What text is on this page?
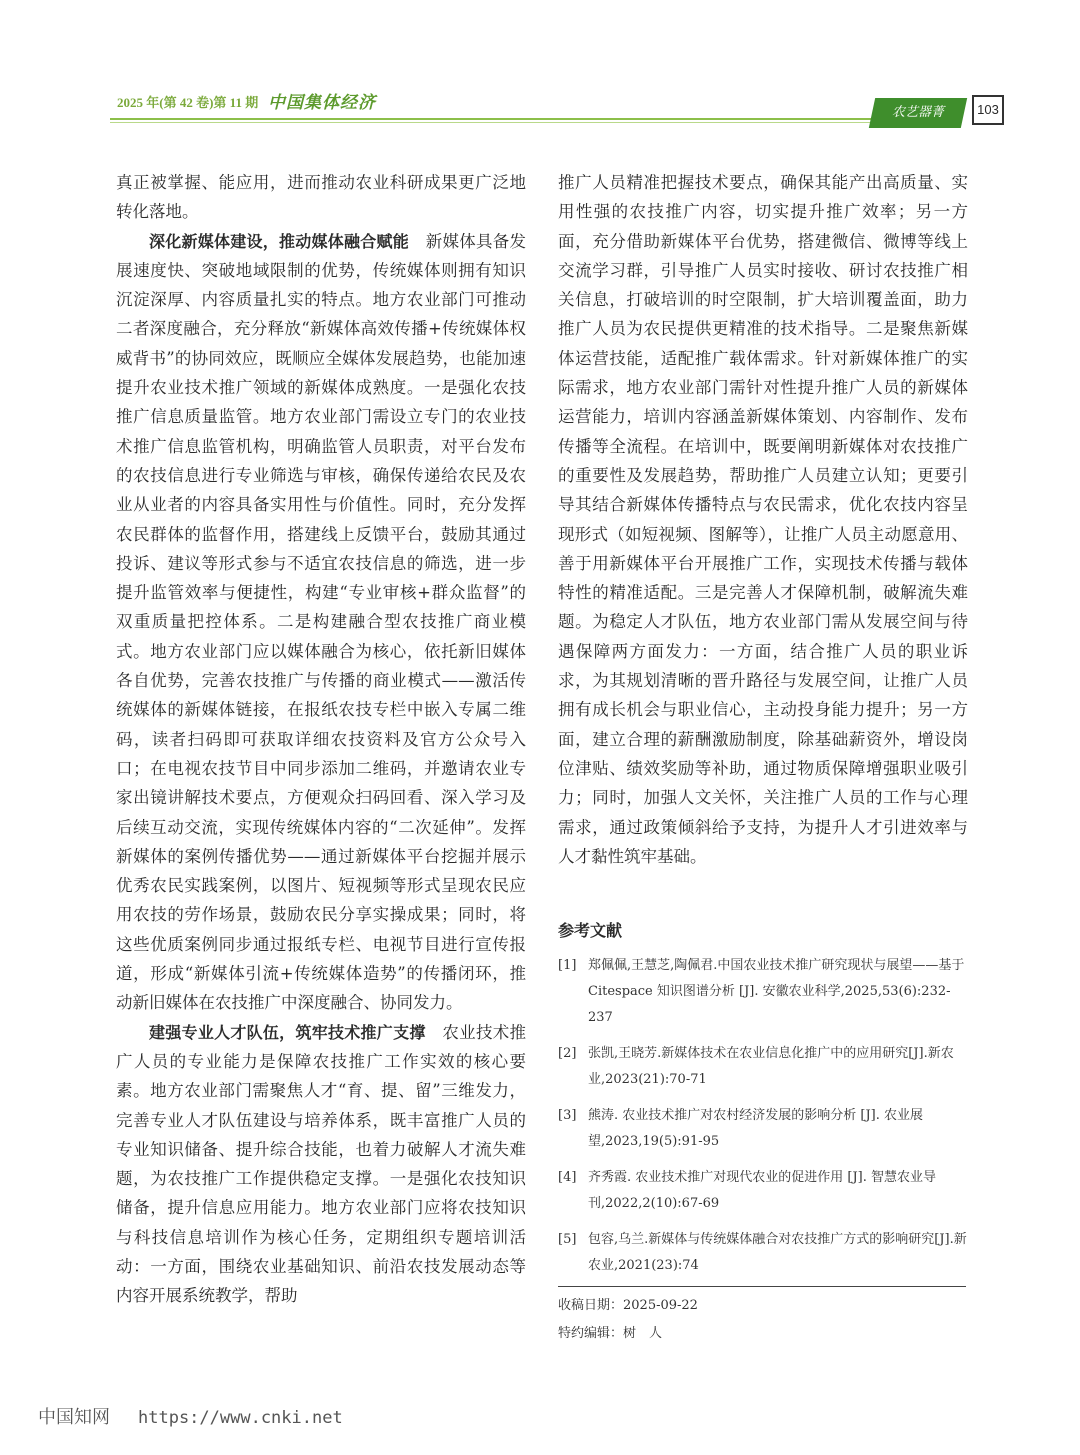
2025 年(第 42 卷)第 11 期 中国集体经济	农艺器菁	103

真正被掌握、能应用，进而推动农业科研成果更广泛地转化落地。

深化新媒体建设，推动媒体融合赋能　 新媒体具备发展速度快、突破地域限制的优势，传统媒体则拥有知识沉淀深厚、内容质量扎实的特点。地方农业部门可推动二者深度融合，充分释放“新媒体高效传播+传统媒体权威背书”的协同效应，既顺应全媒体发展趋势，也能加速提升农业技术推广领域的新媒体成熟度。一是强化农技推广信息质量监管。地方农业部门需设立专门的农业技术推广信息监管机构，明确监管人员职责，对平台发布的农技信息进行专业筛选与审核，确保传递给农民及农业从业者的内容具备实用性与价值性。同时，充分发挥农民群体的监督作用，搭建线上反馈平台，鼓励其通过投诉、建议等形式参与不适宜农技信息的筛选，进一步提升监管效率与便捷性，构建“专业审核+群众监督”的双重质量把控体系。二是构建融合型农技推广商业模式。地方农业部门应以媒体融合为核心，依托新旧媒体各自优势，完善农技推广与传播的商业模式——激活传统媒体的新媒体链接，在报纸农技专栏中嵌入专属二维码，读者扫码即可获取详细农技资料及官方公众号入口；在电视农技节目中同步添加二维码，并邀请农业专家出镜讲解技术要点，方便观众扫码回看、深入学习及后续互动交流，实现传统媒体内容的“二次延伸”。发挥新媒体的案例传播优势——通过新媒体平台挖掘并展示优秀农民实践案例，以图片、短视频等形式呈现农民应用农技的劳作场景，鼓励农民分享实操成果；同时，将这些优质案例同步通过报纸专栏、电视节目进行宣传报道，形成“新媒体引流+传统媒体造势”的传播闭环，推动新旧媒体在农技推广中深度融合、协同发力。

建强专业人才队伍，筑牢技术推广支撑　 农业技术推广人员的专业能力是保障农技推广工作实效的核心要素。地方农业部门需聚焦人才“育、提、留”三维发力，完善专业人才队伍建设与培养体系，既丰富推广人员的专业知识储备、提升综合技能，也着力破解人才流失难题，为农技推广工作提供稳定支撑。一是强化农技知识储备，提升信息应用能力。地方农业部门应将农技知识与科技信息培训作为核心任务，定期组织专题培训活动：一方面，围绕农业基础知识、前沿农技发展动态等内容开展系统教学，帮助

推广人员精准把握技术要点，确保其能产出高质量、实用性强的农技推广内容，切实提升推广效率；另一方面，充分借助新媒体平台优势，搭建微信、微博等线上交流学习群，引导推广人员实时接收、研讨农技推广相关信息，打破培训的时空限制，扩大培训覆盖面，助力推广人员为农民提供更精准的技术指导。二是聚焦新媒体运营技能，适配推广载体需求。针对新媒体推广的实际需求，地方农业部门需针对性提升推广人员的新媒体运营能力，培训内容涵盖新媒体策划、内容制作、发布传播等全流程。在培训中，既要阐明新媒体对农技推广的重要性及发展趋势，帮助推广人员建立认知；更要引导其结合新媒体传播特点与农民需求，优化农技内容呈现形式（如短视频、图解等），让推广人员主动愿意用、善于用新媒体平台开展推广工作，实现技术传播与载体特性的精准适配。三是完善人才保障机制，破解流失难题。为稳定人才队伍，地方农业部门需从发展空间与待遇保障两方面发力：一方面，结合推广人员的职业诉求，为其规划清晰的晋升路径与发展空间，让推广人员拥有成长机会与职业信心，主动投身能力提升；另一方面，建立合理的薪酬激励制度，除基础薪资外，增设岗位津贴、绩效奖励等补助，通过物质保障增强职业吸引力；同时，加强人文关怀，关注推广人员的工作与心理需求，通过政策倾斜给予支持，为提升人才引进效率与人才黏性筑牢基础。

参考文献
[1] 郑佩佩,王慧芝,陶佩君.中国农业技术推广研究现状与展望——基于 Citespace 知识图谱分析 [J]. 安徽农业科学,2025,53(6):232-237
[2] 张凯,王晓芳.新媒体技术在农业信息化推广中的应用研究[J].新农业,2023(21):70-71
[3] 熊涛. 农业技术推广对农村经济发展的影响分析 [J]. 农业展望,2023,19(5):91-95
[4] 齐秀霞. 农业技术推广对现代农业的促进作用 [J]. 智慧农业导刊,2022,2(10):67-69
[5] 包容,乌兰.新媒体与传统媒体融合对农技推广方式的影响研究[J].新农业,2021(23):74
收稿日期：2025-09-22
特约编辑：树　人
中国知网 https://www.cnki.net
